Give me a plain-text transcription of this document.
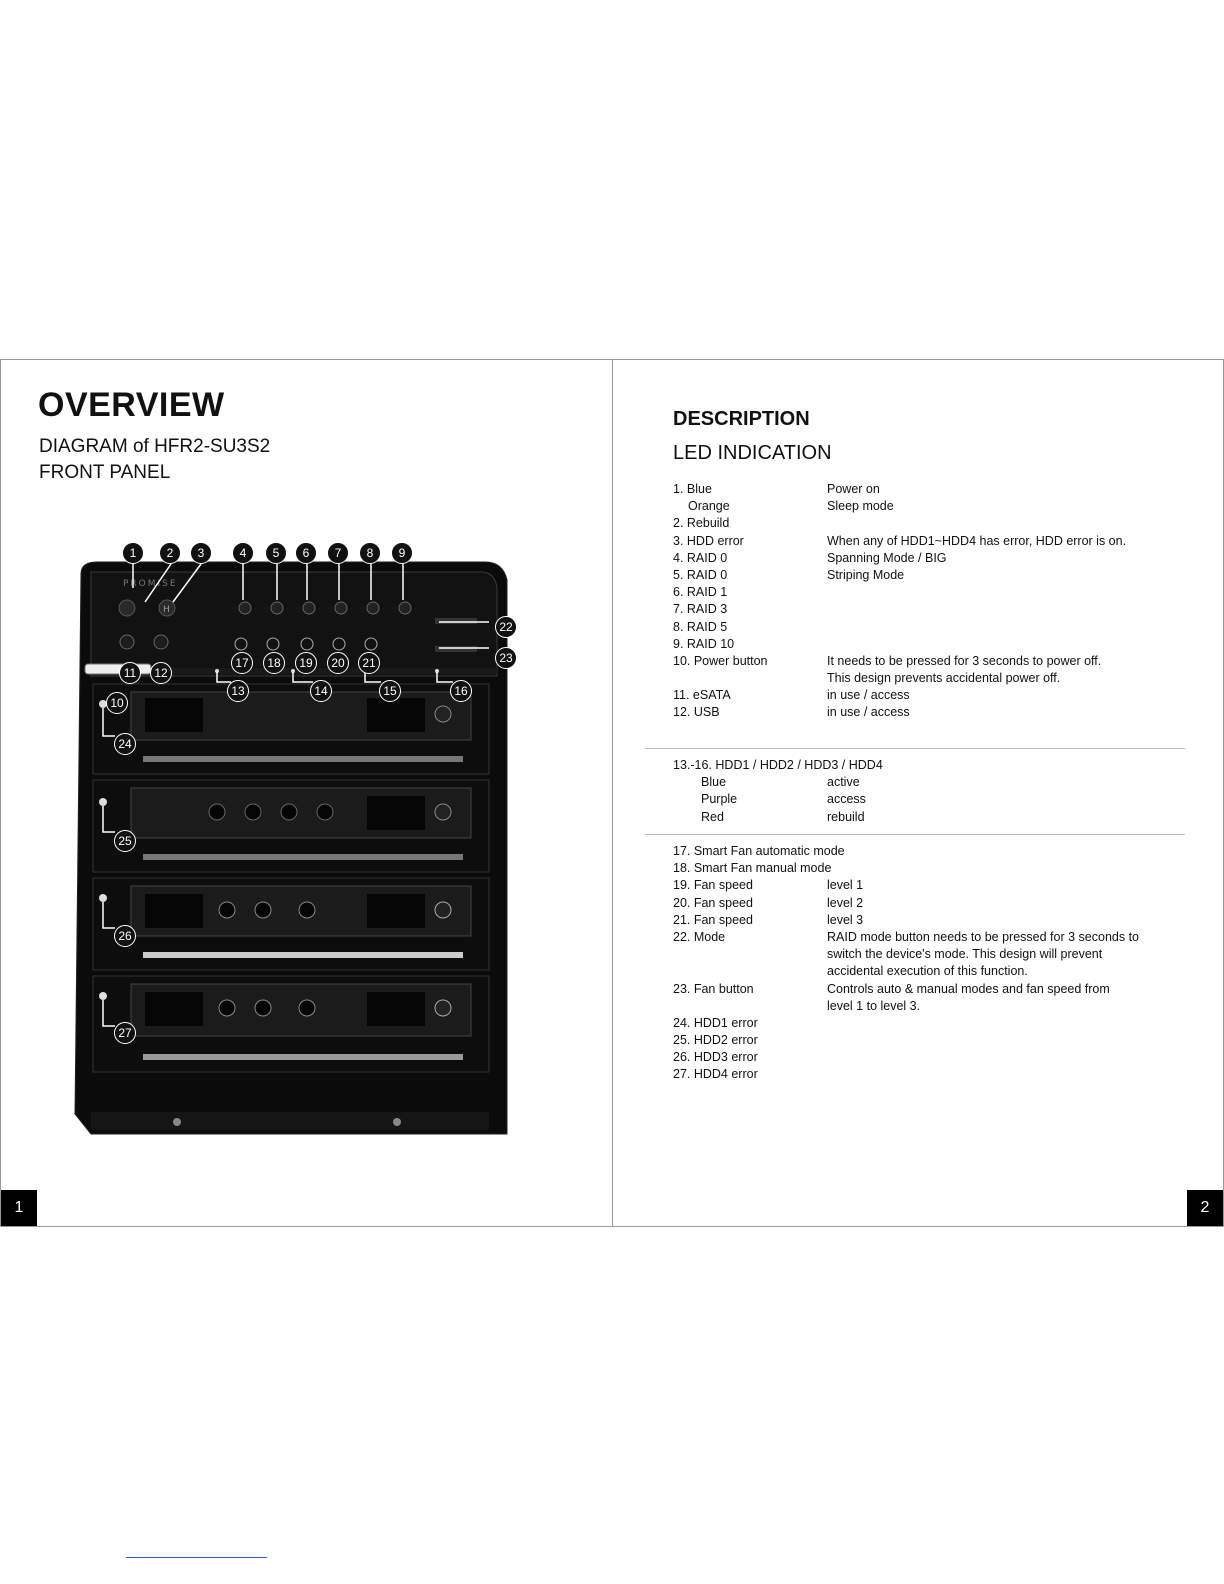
OVERVIEW
DIAGRAM of HFR2-SU3S2
FRONT PANEL
PROMISE
H
1	2	3	4	5	6	7	8	9
10
11	12
13	14	15	16
17	18	19	20	21
22
23
24
25
26
27
1
DESCRIPTION
LED INDICATION
1. Blue	Power on
Orange	Sleep mode
2. Rebuild
3. HDD error	When any of HDD1~HDD4 has error, HDD error is on.
4. RAID 0	Spanning Mode / BIG
5. RAID 0	Striping Mode
6. RAID 1
7. RAID 3
8. RAID 5
9. RAID 10
10. Power button	It needs to be pressed for 3 seconds to power off.
This design prevents accidental power off.
11. eSATA	in use / access
12. USB	in use / access
13.-16. HDD1 / HDD2 / HDD3 / HDD4
Blue	active
Purple	access
Red	rebuild
17. Smart Fan automatic mode
18. Smart Fan manual mode
19. Fan speed	level 1
20. Fan speed	level 2
21. Fan speed	level 3
22. Mode	RAID mode button needs to be pressed for 3 seconds to
switch the device's mode. This design will prevent
accidental execution of this function.
23. Fan button	Controls auto & manual modes and fan speed from
level 1 to level 3.
24. HDD1 error
25. HDD2 error
26. HDD3 error
27. HDD4 error
2
